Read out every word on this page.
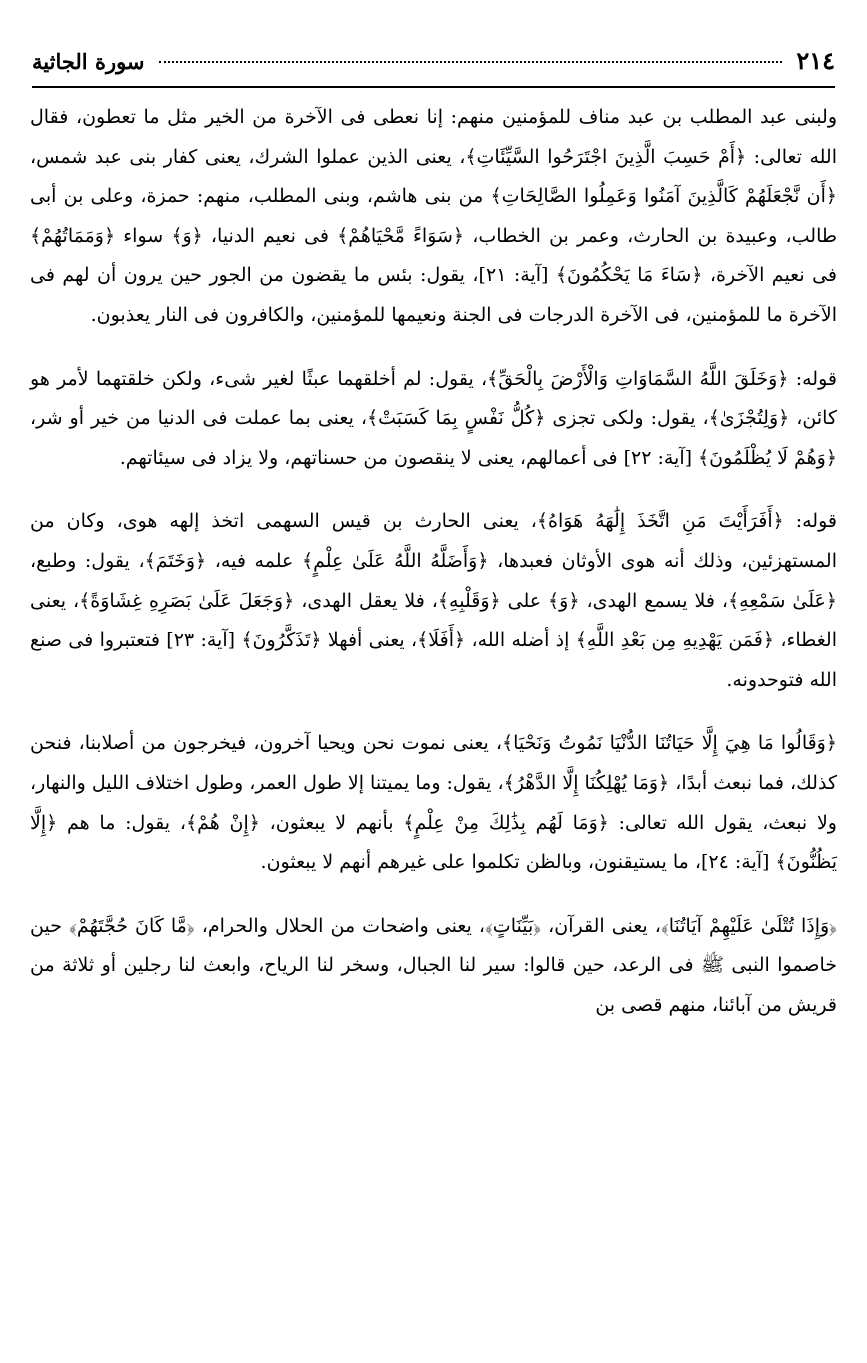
٢١٤
سورة الجاثية

ولبنى عبد المطلب بن عبد مناف للمؤمنين منهم: إنا نعطى فى الآخرة من الخير مثل ما تعطون، فقال الله تعالى: ﴿أَمْ حَسِبَ الَّذِينَ اجْتَرَحُوا السَّيِّئَاتِ﴾، يعنى الذين عملوا الشرك، يعنى كفار بنى عبد شمس، ﴿أَن نَّجْعَلَهُمْ كَالَّذِينَ آمَنُوا وَعَمِلُوا الصَّالِحَاتِ﴾ من بنى هاشم، وبنى المطلب، منهم: حمزة، وعلى بن أبى طالب، وعبيدة بن الحارث، وعمر بن الخطاب، ﴿سَوَاءً مَّحْيَاهُمْ﴾ فى نعيم الدنيا، ﴿وَ﴾ سواء ﴿وَمَمَاتُهُمْ﴾ فى نعيم الآخرة، ﴿سَاءَ مَا يَحْكُمُونَ﴾ [آية: ٢١]، يقول: بئس ما يقضون من الجور حين يرون أن لهم فى الآخرة ما للمؤمنين، فى الآخرة الدرجات فى الجنة ونعيمها للمؤمنين، والكافرون فى النار يعذبون.

قوله: ﴿وَخَلَقَ اللَّهُ السَّمَاوَاتِ وَالْأَرْضَ بِالْحَقِّ﴾، يقول: لم أخلقهما عبثًا لغير شىء، ولكن خلقتهما لأمر هو كائن، ﴿وَلِتُجْزَىٰ﴾، يقول: ولكى تجزى ﴿كُلُّ نَفْسٍ بِمَا كَسَبَتْ﴾، يعنى بما عملت فى الدنيا من خير أو شر، ﴿وَهُمْ لَا يُظْلَمُونَ﴾ [آية: ٢٢] فى أعمالهم، يعنى لا ينقصون من حسناتهم، ولا يزاد فى سيئاتهم.

قوله: ﴿أَفَرَأَيْتَ مَنِ اتَّخَذَ إِلَٰهَهُ هَوَاهُ﴾، يعنى الحارث بن قيس السهمى اتخذ إلهه هوى، وكان من المستهزئين، وذلك أنه هوى الأوثان فعبدها، ﴿وَأَضَلَّهُ اللَّهُ عَلَىٰ عِلْمٍ﴾ علمه فيه، ﴿وَخَتَمَ﴾، يقول: وطبع، ﴿عَلَىٰ سَمْعِهِ﴾، فلا يسمع الهدى، ﴿وَ﴾ على ﴿وَقَلْبِهِ﴾، فلا يعقل الهدى، ﴿وَجَعَلَ عَلَىٰ بَصَرِهِ غِشَاوَةً﴾، يعنى الغطاء، ﴿فَمَن يَهْدِيهِ مِن بَعْدِ اللَّهِ﴾ إذ أضله الله، ﴿أَفَلَا﴾، يعنى أفهلا ﴿تَذَكَّرُونَ﴾ [آية: ٢٣] فتعتبروا فى صنع الله فتوحدونه.

﴿وَقَالُوا مَا هِيَ إِلَّا حَيَاتُنَا الدُّنْيَا نَمُوتُ وَنَحْيَا﴾، يعنى نموت نحن ويحيا آخرون، فيخرجون من أصلابنا، فنحن كذلك، فما نبعث أبدًا، ﴿وَمَا يُهْلِكُنَا إِلَّا الدَّهْرُ﴾، يقول: وما يميتنا إلا طول العمر، وطول اختلاف الليل والنهار، ولا نبعث، يقول الله تعالى: ﴿وَمَا لَهُم بِذَٰلِكَ مِنْ عِلْمٍ﴾ بأنهم لا يبعثون، ﴿إِنْ هُمْ﴾، يقول: ما هم ﴿إِلَّا يَظُنُّونَ﴾ [آية: ٢٤]، ما يستيقنون، وبالظن تكلموا على غيرهم أنهم لا يبعثون.

﴿وَإِذَا تُتْلَىٰ عَلَيْهِمْ آيَاتُنَا﴾، يعنى القرآن، ﴿بَيِّنَاتٍ﴾، يعنى واضحات من الحلال والحرام، ﴿مَّا كَانَ حُجَّتَهُمْ﴾ حين خاصموا النبى ﷺ فى الرعد، حين قالوا: سير لنا الجبال، وسخر لنا الرياح، وابعث لنا رجلين أو ثلاثة من قريش من آبائنا، منهم قصى بن
